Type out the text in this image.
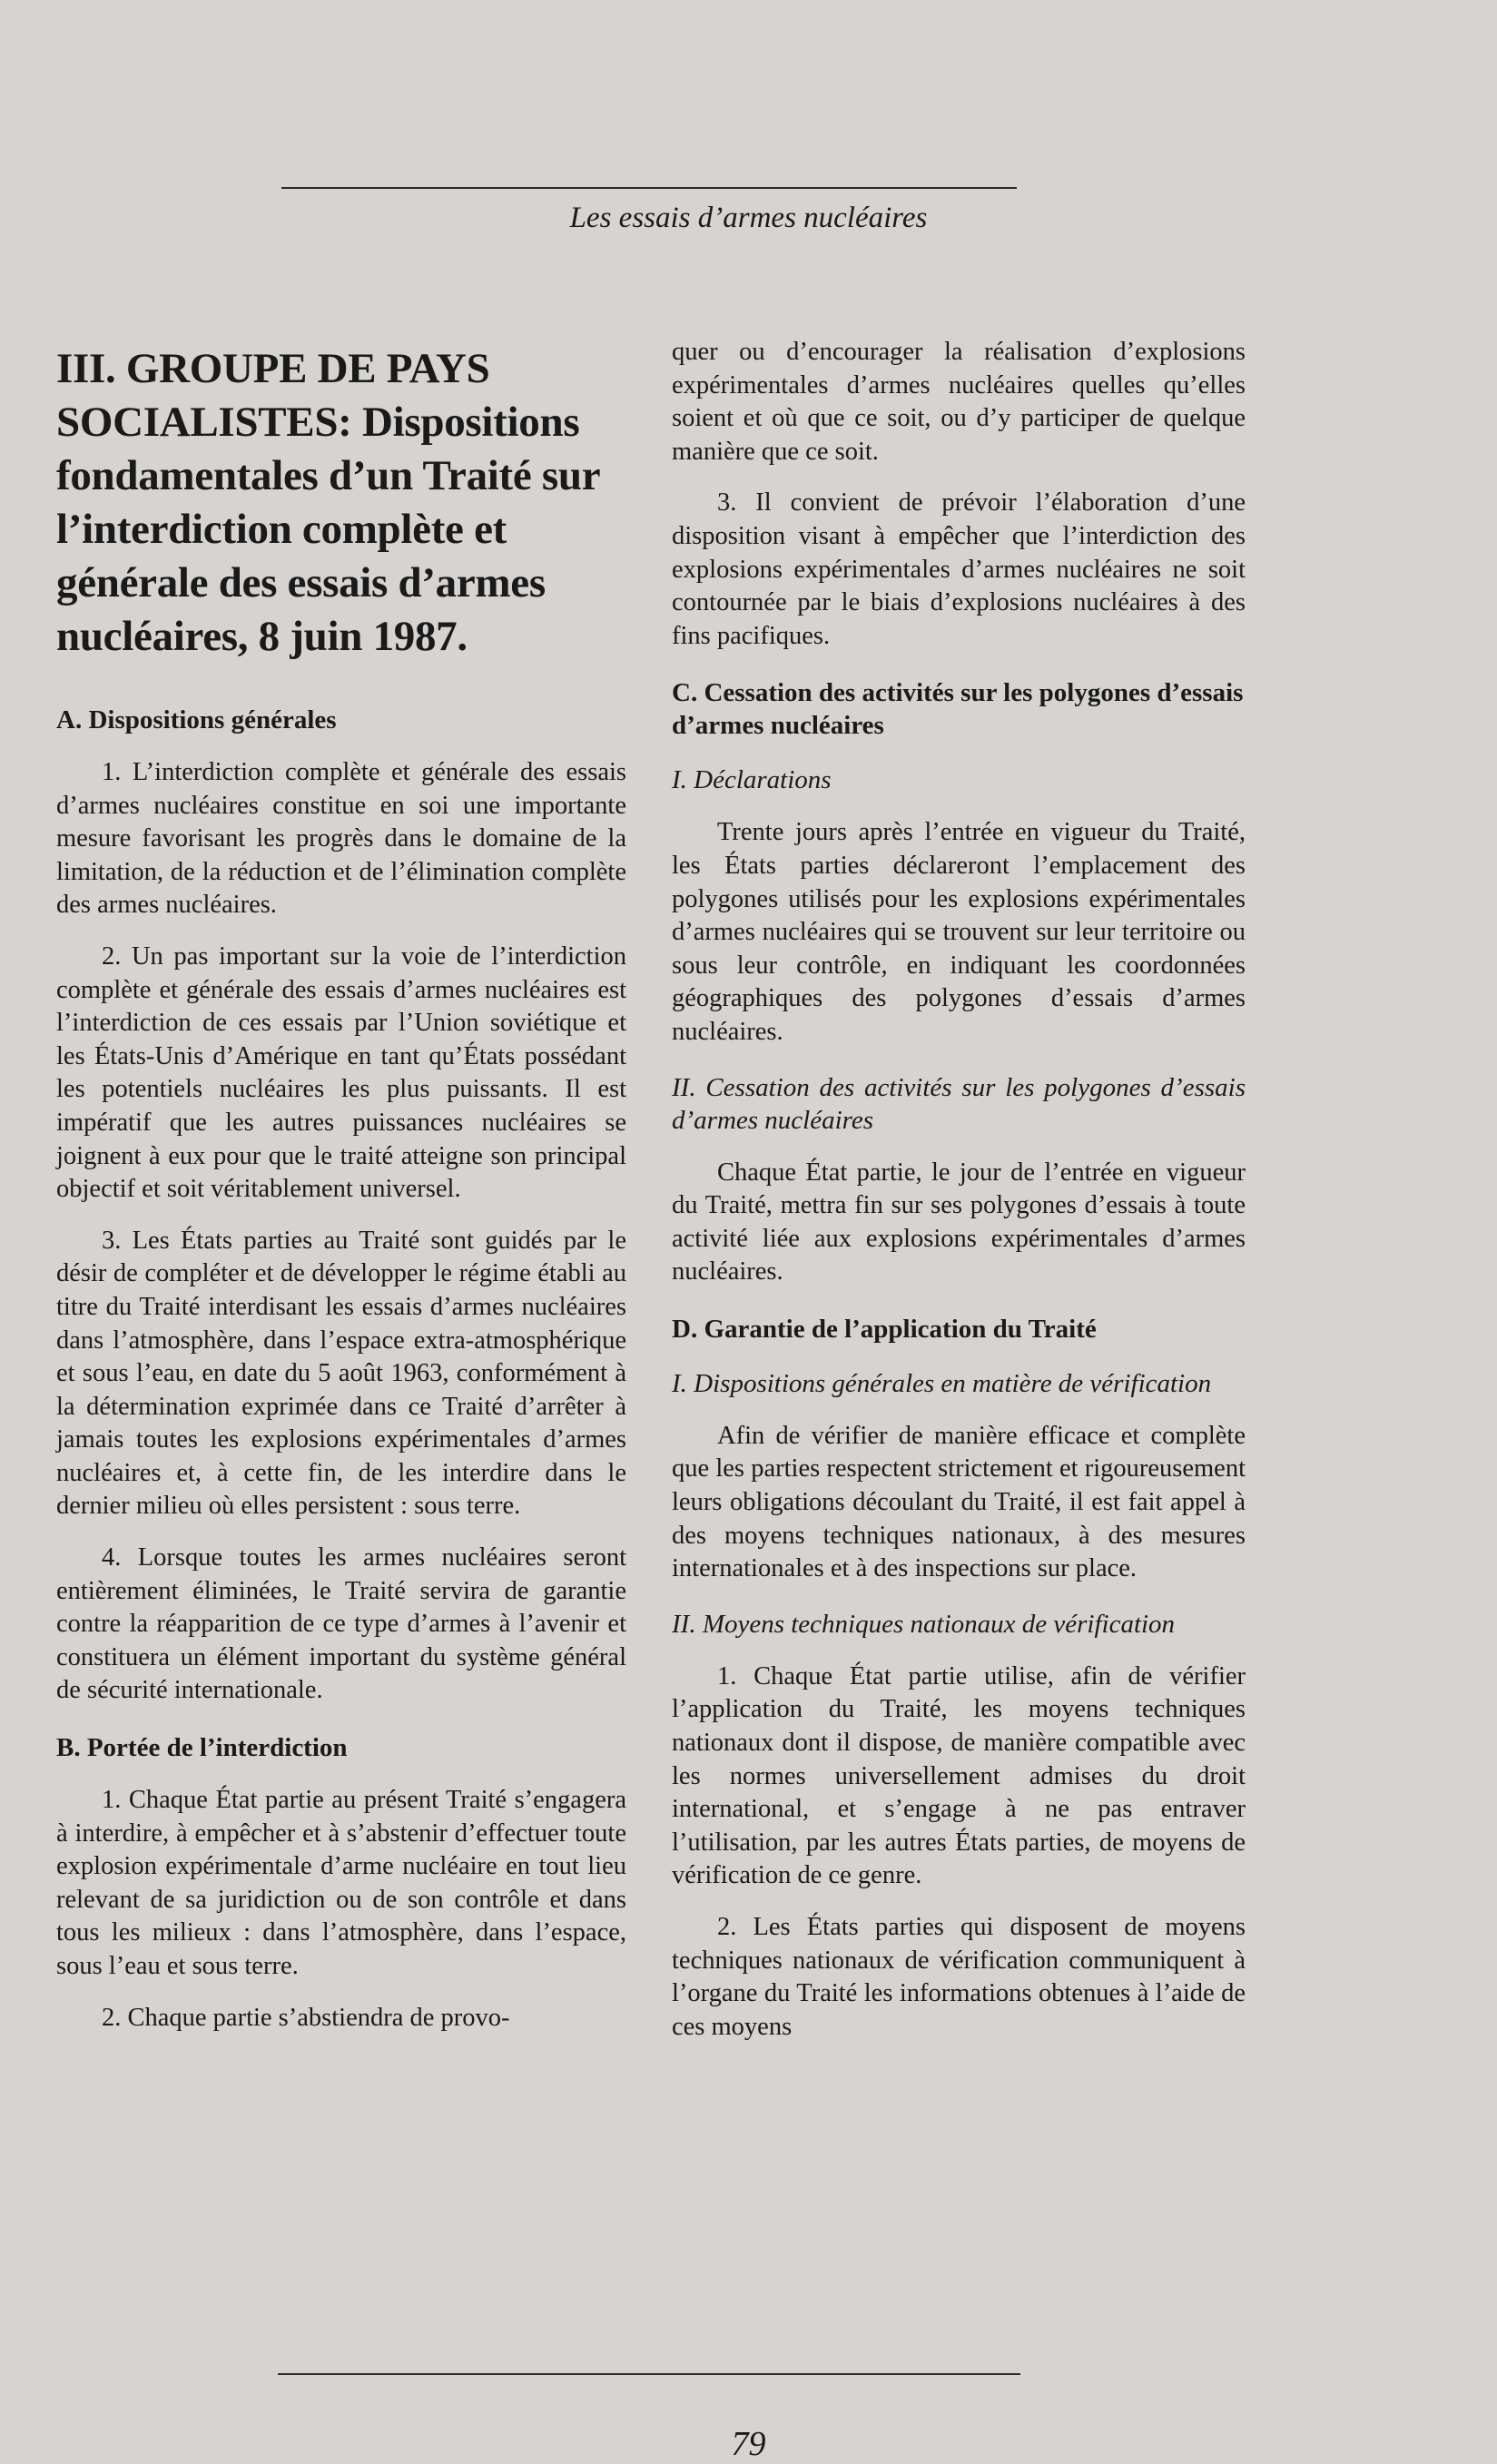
Les essais d’armes nucléaires
III. GROUPE DE PAYS SOCIALISTES: Dispositions fondamentales d’un Traité sur l’interdiction complète et générale des essais d’armes nucléaires, 8 juin 1987.
A. Dispositions générales

1. L’interdiction complète et générale des essais d’armes nucléaires constitue en soi une importante mesure favorisant les progrès dans le domaine de la limitation, de la réduction et de l’élimination complète des armes nucléaires.

2. Un pas important sur la voie de l’interdiction complète et générale des essais d’armes nucléaires est l’interdiction de ces essais par l’Union soviétique et les États-Unis d’Amérique en tant qu’États possédant les potentiels nucléaires les plus puissants. Il est impératif que les autres puissances nucléaires se joignent à eux pour que le traité atteigne son principal objectif et soit véritablement universel.

3. Les États parties au Traité sont guidés par le désir de compléter et de développer le régime établi au titre du Traité interdisant les essais d’armes nucléaires dans l’atmosphère, dans l’espace extra-atmosphérique et sous l’eau, en date du 5 août 1963, conformément à la détermination exprimée dans ce Traité d’arrêter à jamais toutes les explosions expérimentales d’armes nucléaires et, à cette fin, de les interdire dans le dernier milieu où elles persistent : sous terre.

4. Lorsque toutes les armes nucléaires seront entièrement éliminées, le Traité servira de garantie contre la réapparition de ce type d’armes à l’avenir et constituera un élément important du système général de sécurité internationale.

B. Portée de l’interdiction

1. Chaque État partie au présent Traité s’engagera à interdire, à empêcher et à s’abstenir d’effectuer toute explosion expérimentale d’arme nucléaire en tout lieu relevant de sa juridiction ou de son contrôle et dans tous les milieux : dans l’atmosphère, dans l’espace, sous l’eau et sous terre.

2. Chaque partie s’abstiendra de provo-

quer ou d’encourager la réalisation d’explosions expérimentales d’armes nucléaires quelles qu’elles soient et où que ce soit, ou d’y participer de quelque manière que ce soit.

3. Il convient de prévoir l’élaboration d’une disposition visant à empêcher que l’interdiction des explosions expérimentales d’armes nucléaires ne soit contournée par le biais d’explosions nucléaires à des fins pacifiques.

C. Cessation des activités sur les polygones d’essais d’armes nucléaires
I. Déclarations

Trente jours après l’entrée en vigueur du Traité, les États parties déclareront l’emplacement des polygones utilisés pour les explosions expérimentales d’armes nucléaires qui se trouvent sur leur territoire ou sous leur contrôle, en indiquant les coordonnées géographiques des polygones d’essais d’armes nucléaires.

II. Cessation des activités sur les polygones d’essais d’armes nucléaires

Chaque État partie, le jour de l’entrée en vigueur du Traité, mettra fin sur ses polygones d’essais à toute activité liée aux explosions expérimentales d’armes nucléaires.

D. Garantie de l’application du Traité
I. Dispositions générales en matière de vérification

Afin de vérifier de manière efficace et complète que les parties respectent strictement et rigoureusement leurs obligations découlant du Traité, il est fait appel à des moyens techniques nationaux, à des mesures internationales et à des inspections sur place.

II. Moyens techniques nationaux de vérification

1. Chaque État partie utilise, afin de vérifier l’application du Traité, les moyens techniques nationaux dont il dispose, de manière compatible avec les normes universellement admises du droit international, et s’engage à ne pas entraver l’utilisation, par les autres États parties, de moyens de vérification de ce genre.

2. Les États parties qui disposent de moyens techniques nationaux de vérification communiquent à l’organe du Traité les informations obtenues à l’aide de ces moyens

79
